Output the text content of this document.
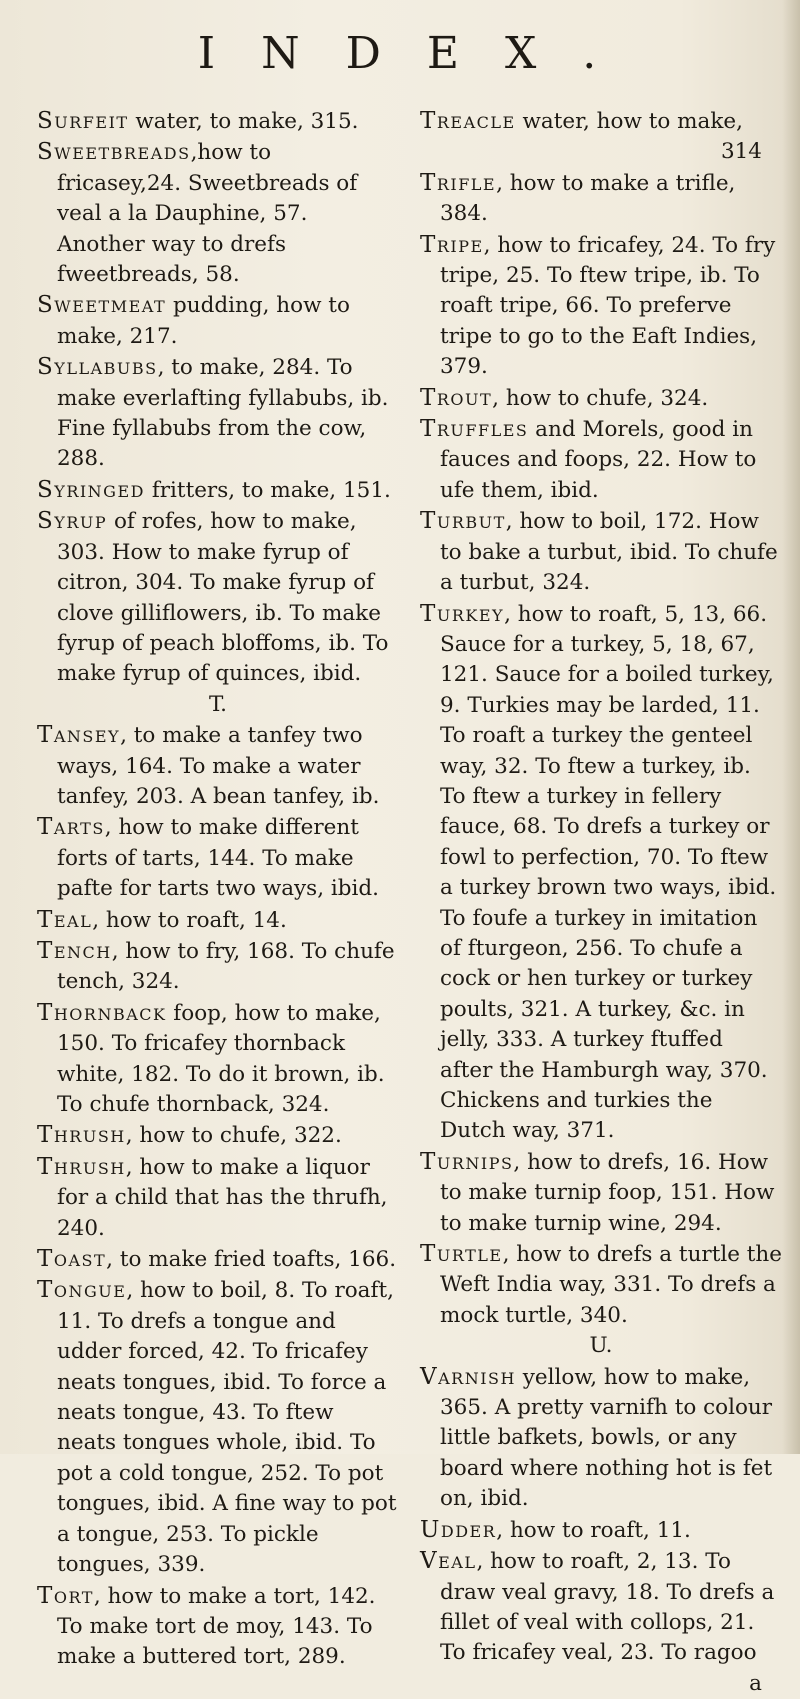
INDEX.

Surfeit water, to make, 315.

Sweetbreads,how to fricasey,24. Sweetbreads of veal a la Dauphine, 57. Another way to drefs fweetbreads, 58.

Sweetmeat pudding, how to make, 217.

Syllabubs, to make, 284. To make everlafting fyllabubs, ib. Fine fyllabubs from the cow, 288.

Syringed fritters, to make, 151.

Syrup of rofes, how to make, 303. How to make fyrup of citron, 304. To make fyrup of clove gilliflowers, ib. To make fyrup of peach bloffoms, ib. To make fyrup of quinces, ibid.

T.

Tansey, to make a tanfey two ways, 164. To make a water tanfey, 203. A bean tanfey, ib.

Tarts, how to make different forts of tarts, 144. To make pafte for tarts two ways, ibid.

Teal, how to roaft, 14.

Tench, how to fry, 168. To chufe tench, 324.

Thornback foop, how to make, 150. To fricafey thornback white, 182. To do it brown, ib. To chufe thornback, 324.

Thrush, how to chufe, 322.

Thrush, how to make a liquor for a child that has the thrufh, 240.

Toast, to make fried toafts, 166.

Tongue, how to boil, 8. To roaft, 11. To drefs a tongue and udder forced, 42. To fricafey neats tongues, ibid. To force a neats tongue, 43. To ftew neats tongues whole, ibid. To pot a cold tongue, 252. To pot tongues, ibid. A fine way to pot a tongue, 253. To pickle tongues, 339.

Tort, how to make a tort, 142. To make tort de moy, 143. To make a buttered tort, 289.

Treacle water, how to make,

314

Trifle, how to make a trifle, 384.

Tripe, how to fricafey, 24. To fry tripe, 25. To ftew tripe, ib. To roaft tripe, 66. To preferve tripe to go to the Eaft Indies, 379.

Trout, how to chufe, 324.

Truffles and Morels, good in fauces and foops, 22. How to ufe them, ibid.

Turbut, how to boil, 172. How to bake a turbut, ibid. To chufe a turbut, 324.

Turkey, how to roaft, 5, 13, 66. Sauce for a turkey, 5, 18, 67, 121. Sauce for a boiled turkey, 9. Turkies may be larded, 11. To roaft a turkey the genteel way, 32. To ftew a turkey, ib. To ftew a turkey in fellery fauce, 68. To drefs a turkey or fowl to perfection, 70. To ftew a turkey brown two ways, ibid. To foufe a turkey in imitation of fturgeon, 256. To chufe a cock or hen turkey or turkey poults, 321. A turkey, &c. in jelly, 333. A turkey ftuffed after the Hamburgh way, 370. Chickens and turkies the Dutch way, 371.

Turnips, how to drefs, 16. How to make turnip foop, 151. How to make turnip wine, 294.

Turtle, how to drefs a turtle the Weft India way, 331. To drefs a mock turtle, 340.

U.

Varnish yellow, how to make, 365. A pretty varnifh to colour little bafkets, bowls, or any board where nothing hot is fet on, ibid.

Udder, how to roaft, 11.

Veal, how to roaft, 2, 13. To draw veal gravy, 18. To drefs a fillet of veal with collops, 21. To fricafey veal, 23. To ragoo

a
